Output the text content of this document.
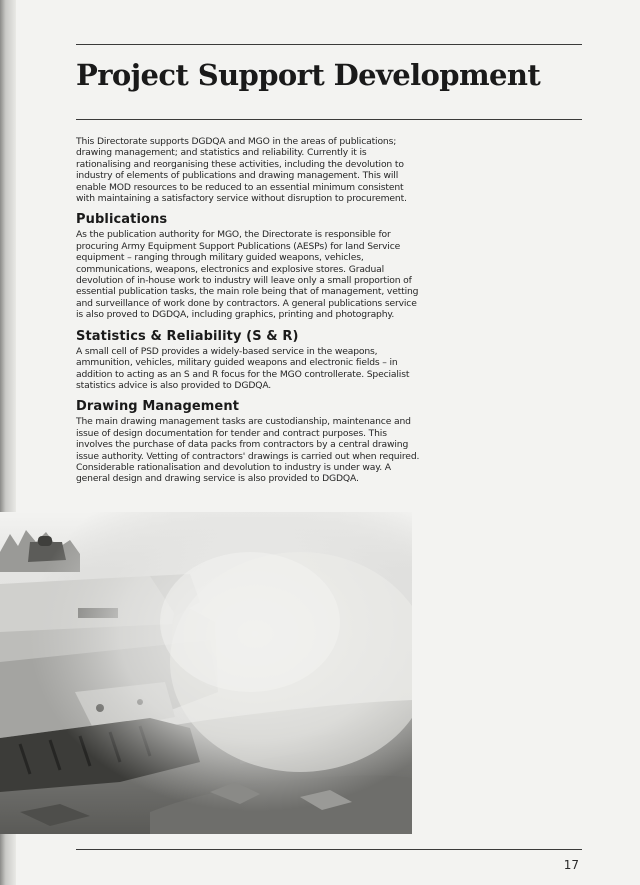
Project Support Development

This Directorate supports DGDQA and MGO in the areas of publications; drawing management; and statistics and reliability. Currently it is rationalising and reorganising these activities, including the devolution to industry of elements of publications and drawing management. This will enable MOD resources to be reduced to an essential minimum consistent with maintaining a satisfactory service without disruption to procurement.

Publications

As the publication authority for MGO, the Directorate is responsible for procuring Army Equipment Support Publications (AESPs) for land Service equipment – ranging through military guided weapons, vehicles, communications, weapons, electronics and explosive stores. Gradual devolution of in-house work to industry will leave only a small proportion of essential publication tasks, the main role being that of management, vetting and surveillance of work done by contractors. A general publications service is also proved to DGDQA, including graphics, printing and photography.

Statistics & Reliability (S & R)

A small cell of PSD provides a widely-based service in the weapons, ammunition, vehicles, military guided weapons and electronic fields – in addition to acting as an S and R focus for the MGO controllerate. Specialist statistics advice is also provided to DGDQA.

Drawing Management

The main drawing management tasks are custodianship, maintenance and issue of design documentation for tender and contract purposes. This involves the purchase of data packs from contractors by a central drawing issue authority. Vetting of contractors' drawings is carried out when required. Considerable rationalisation and devolution to industry is under way. A general design and drawing service is also provided to DGDQA.

17
